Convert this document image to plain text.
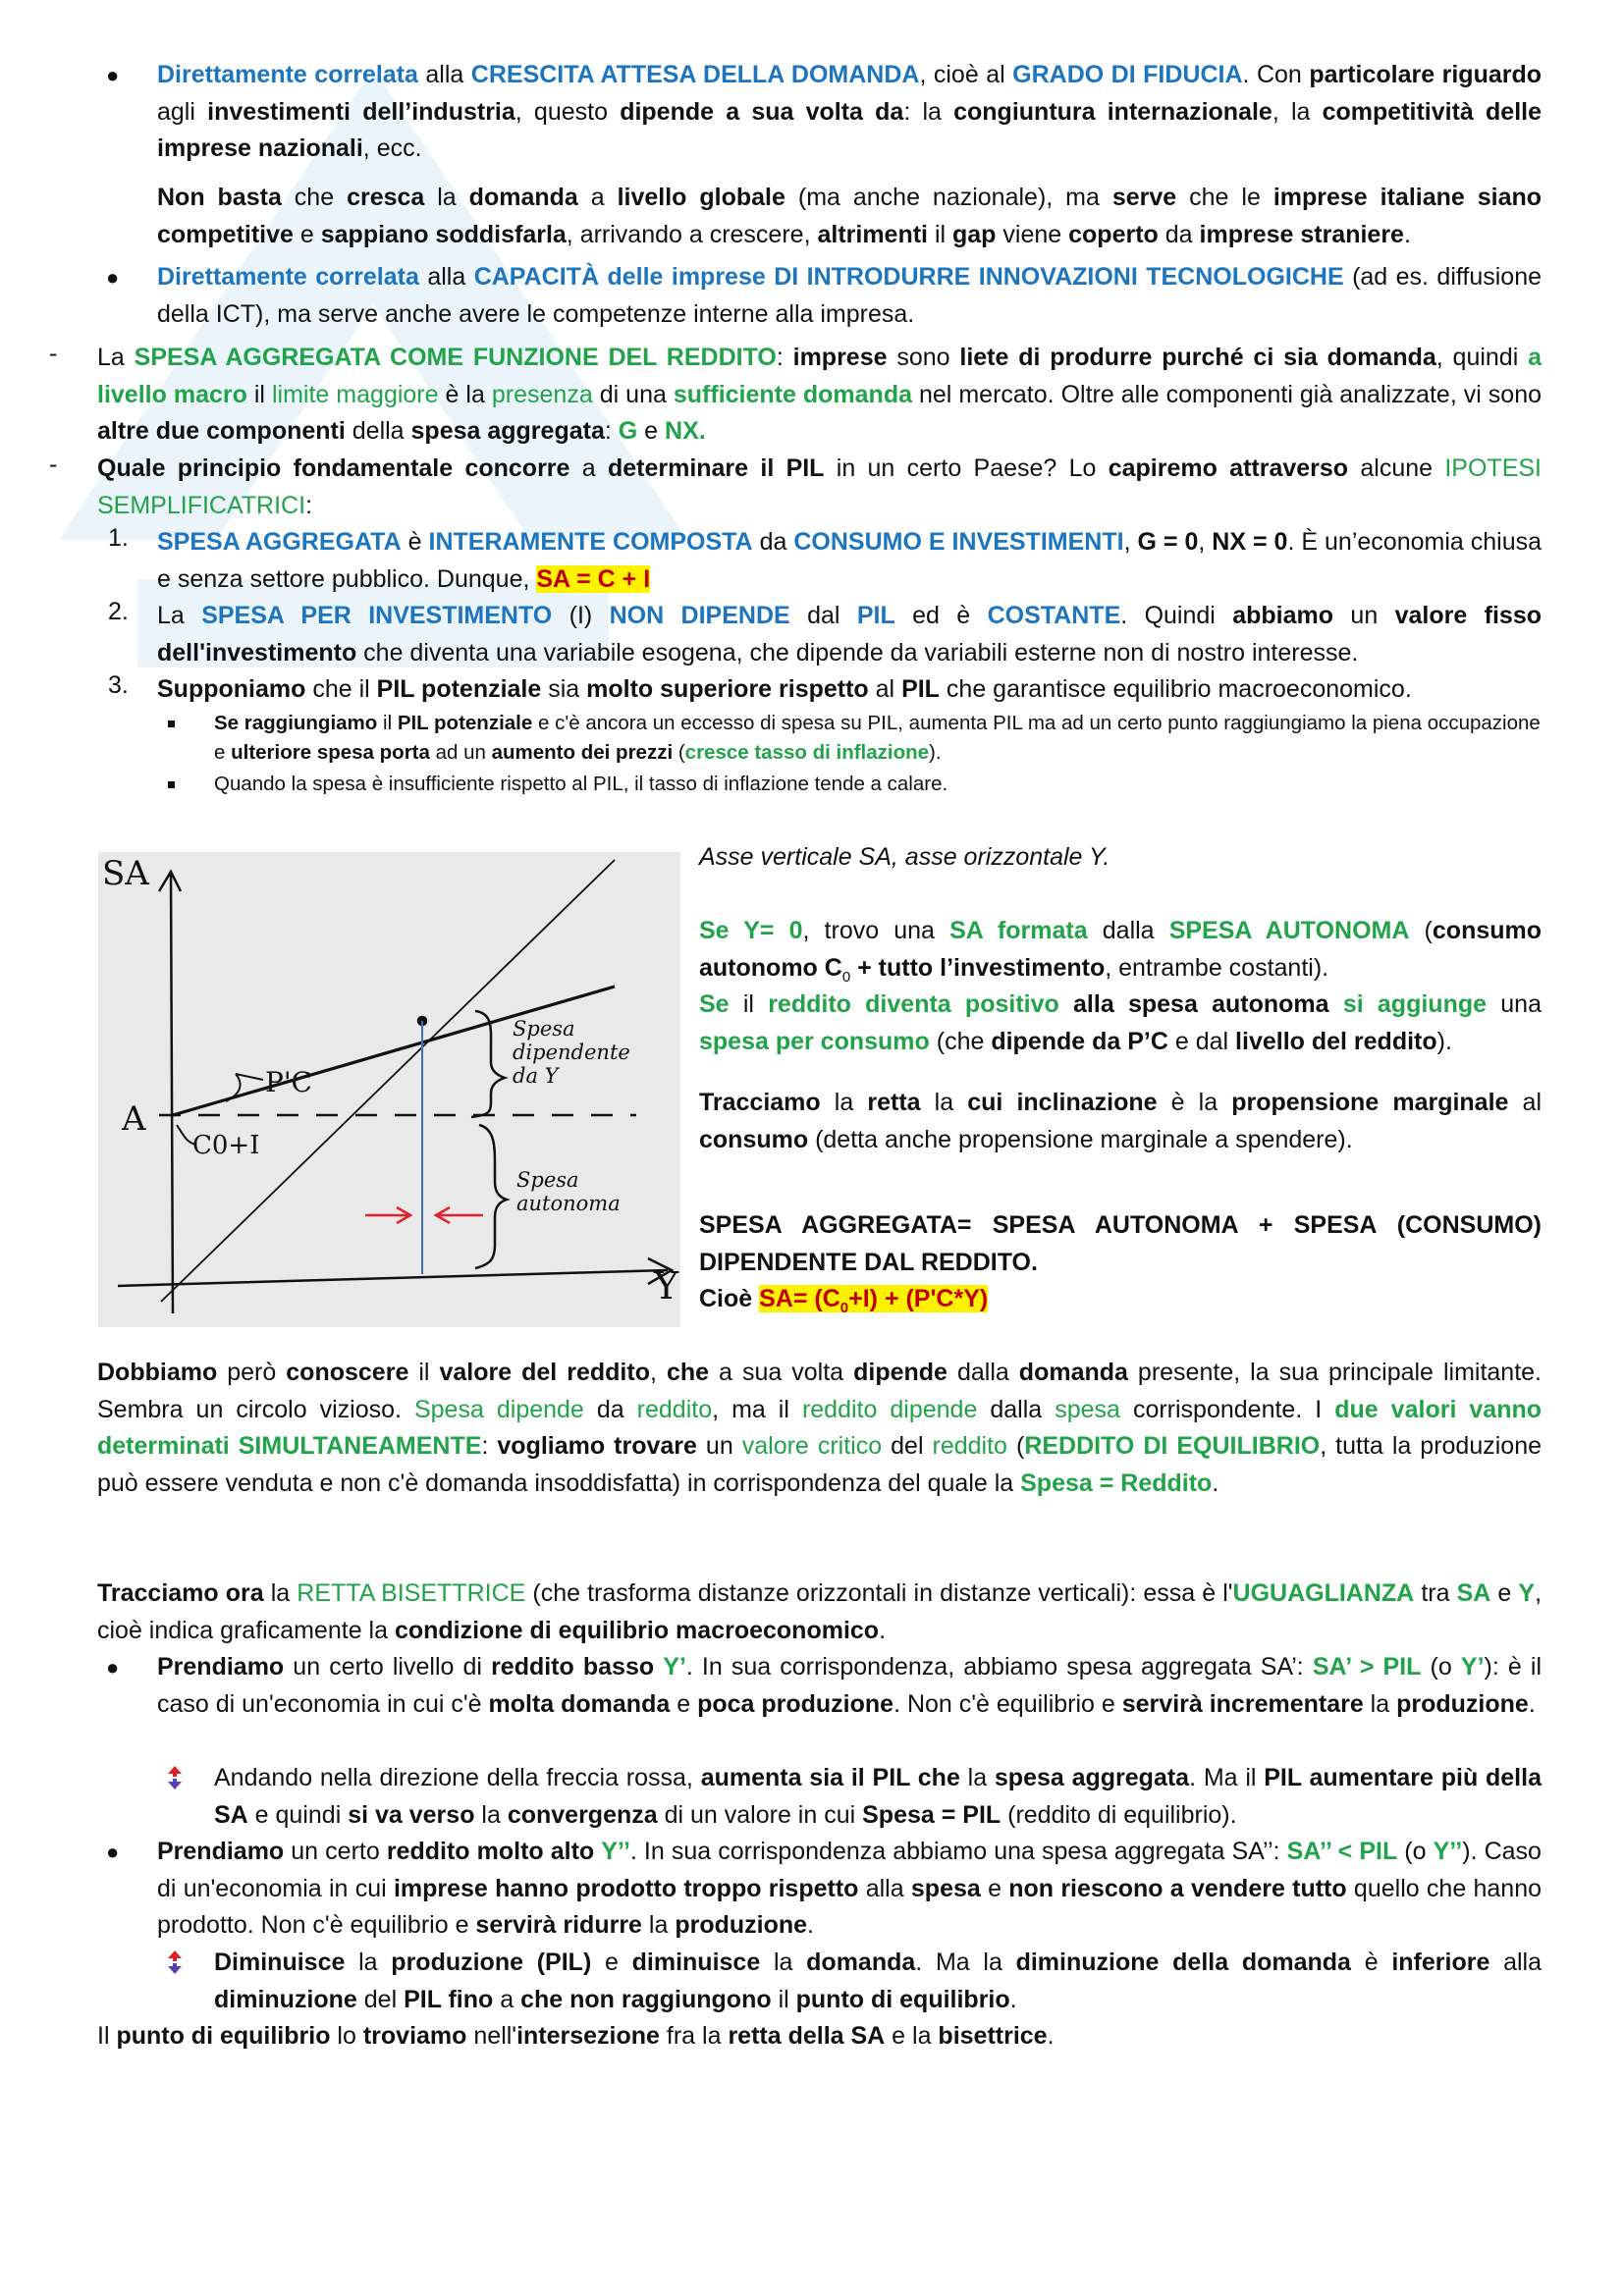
● Direttamente correlata alla CRESCITA ATTESA DELLA DOMANDA, cioè al GRADO DI FIDUCIA. Con particolare riguardo agli investimenti dell’industria, questo dipende a sua volta da: la congiuntura internazionale, la competitività delle imprese nazionali, ecc.

Non basta che cresca la domanda a livello globale (ma anche nazionale), ma serve che le imprese italiane siano competitive e sappiano soddisfarla, arrivando a crescere, altrimenti il gap viene coperto da imprese straniere.

● Direttamente correlata alla CAPACITÀ delle imprese DI INTRODURRE INNOVAZIONI TECNOLOGICHE (ad es. diffusione della ICT), ma serve anche avere le competenze interne alla impresa.

- La SPESA AGGREGATA COME FUNZIONE DEL REDDITO: imprese sono liete di produrre purché ci sia domanda, quindi a livello macro il limite maggiore è la presenza di una sufficiente domanda nel mercato. Oltre alle componenti già analizzate, vi sono altre due componenti della spesa aggregata: G e NX.

- Quale principio fondamentale concorre a determinare il PIL in un certo Paese? Lo capiremo attraverso alcune IPOTESI SEMPLIFICATRICI:

1. SPESA AGGREGATA è INTERAMENTE COMPOSTA da CONSUMO E INVESTIMENTI, G = 0, NX = 0. È un’economia chiusa e senza settore pubblico. Dunque, SA = C + I

2. La SPESA PER INVESTIMENTO (I) NON DIPENDE dal PIL ed è COSTANTE. Quindi abbiamo un valore fisso dell'investimento che diventa una variabile esogena, che dipende da variabili esterne non di nostro interesse.

3. Supponiamo che il PIL potenziale sia molto superiore rispetto al PIL che garantisce equilibrio macroeconomico.

Se raggiungiamo il PIL potenziale e c'è ancora un eccesso di spesa su PIL, aumenta PIL ma ad un certo punto raggiungiamo la piena occupazione e ulteriore spesa porta ad un aumento dei prezzi (cresce tasso di inflazione).

Quando la spesa è insufficiente rispetto al PIL, il tasso di inflazione tende a calare.

SA
Y
A
C0+I
P'C
Spesa
dipendente
da Y
Spesa
autonoma

Asse verticale SA, asse orizzontale Y.

Se Y= 0, trovo una SA formata dalla SPESA AUTONOMA (consumo autonomo $C_0$ + tutto l’investimento, entrambe costanti).

Se il reddito diventa positivo alla spesa autonoma si aggiunge una spesa per consumo (che dipende da P’C e dal livello del reddito).

Tracciamo la retta la cui inclinazione è la propensione marginale al consumo (detta anche propensione marginale a spendere).

SPESA AGGREGATA= SPESA AUTONOMA + SPESA (CONSUMO) DIPENDENTE DAL REDDITO.

Cioè $SA= (C_0+I) + (P'C*Y)$

Dobbiamo però conoscere il valore del reddito, che a sua volta dipende dalla domanda presente, la sua principale limitante. Sembra un circolo vizioso. Spesa dipende da reddito, ma il reddito dipende dalla spesa corrispondente. I due valori vanno determinati SIMULTANEAMENTE: vogliamo trovare un valore critico del reddito (REDDITO DI EQUILIBRIO, tutta la produzione può essere venduta e non c'è domanda insoddisfatta) in corrispondenza del quale la Spesa = Reddito.

Tracciamo ora la RETTA BISETTRICE (che trasforma distanze orizzontali in distanze verticali): essa è l'UGUAGLIANZA tra SA e Y, cioè indica graficamente la condizione di equilibrio macroeconomico.

● Prendiamo un certo livello di reddito basso Y’. In sua corrispondenza, abbiamo spesa aggregata SA’: SA’ > PIL (o Y’): è il caso di un'economia in cui c'è molta domanda e poca produzione. Non c'è equilibrio e servirà incrementare la produzione.

Andando nella direzione della freccia rossa, aumenta sia il PIL che la spesa aggregata. Ma il PIL aumentare più della SA e quindi si va verso la convergenza di un valore in cui Spesa = PIL (reddito di equilibrio).

● Prendiamo un certo reddito molto alto Y’’. In sua corrispondenza abbiamo una spesa aggregata SA’’: SA’’ < PIL (o Y’’). Caso di un'economia in cui imprese hanno prodotto troppo rispetto alla spesa e non riescono a vendere tutto quello che hanno prodotto. Non c'è equilibrio e servirà ridurre la produzione.

Diminuisce la produzione (PIL) e diminuisce la domanda. Ma la diminuzione della domanda è inferiore alla diminuzione del PIL fino a che non raggiungono il punto di equilibrio.

Il punto di equilibrio lo troviamo nell'intersezione fra la retta della SA e la bisettrice.
